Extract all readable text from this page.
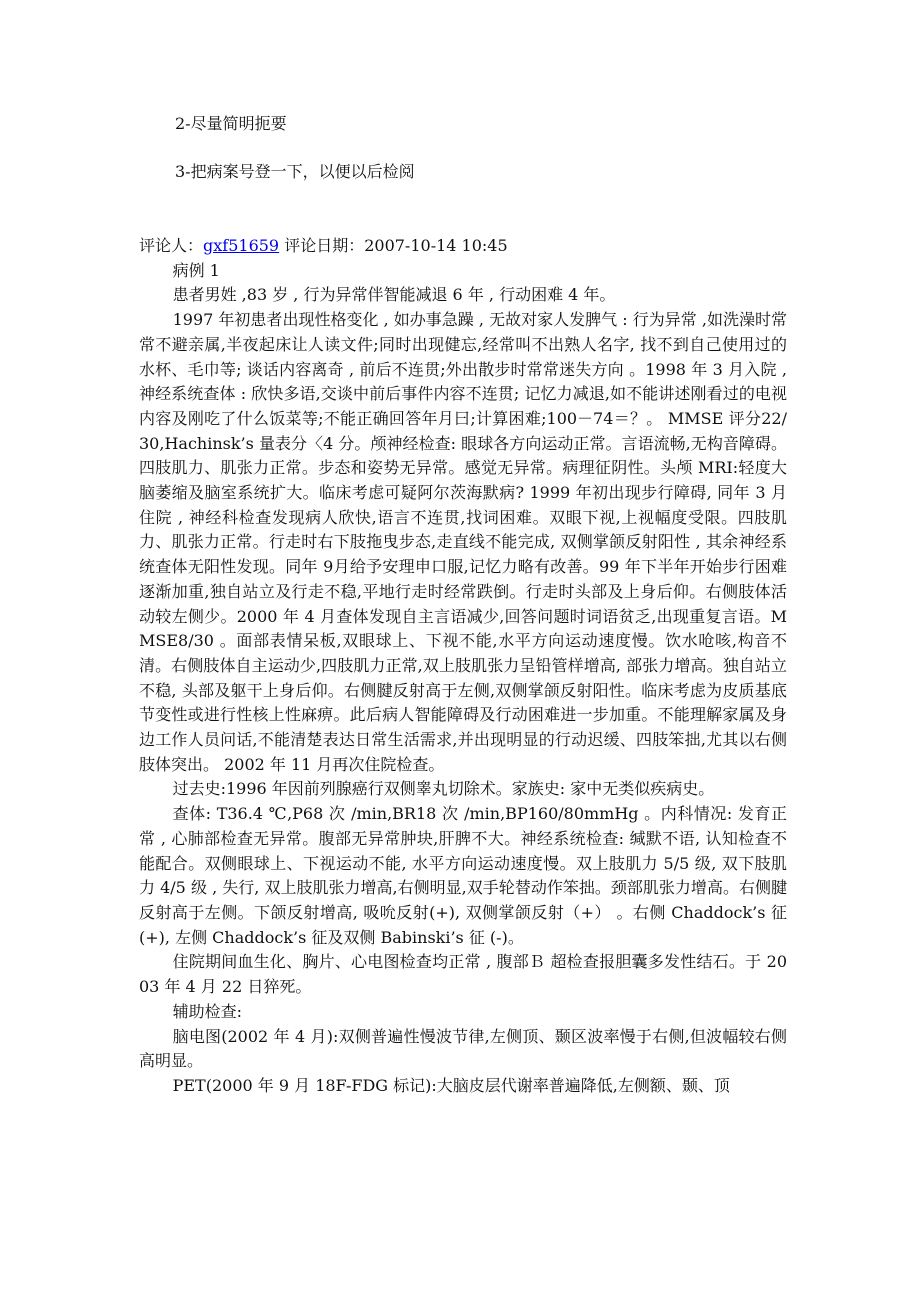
2-尽量简明扼要
3-把病案号登一下，以便以后检阅

评论人：gxf51659 评论日期：2007-10-14 10:45

病例 1

患者男姓 ,83 岁 , 行为异常伴智能减退 6 年 , 行动困难 4 年。

1997 年初患者出现性格变化 , 如办事急躁 , 无故对家人发脾气 : 行为异常 ,如洗澡时常常不避亲属,半夜起床让人读文件;同时出现健忘,经常叫不出熟人名字, 找不到自己使用过的水杯、毛巾等; 谈话内容离奇 , 前后不连贯;外出散步时常常迷失方向 。1998 年 3 月入院 , 神经系统查体 : 欣快多语,交谈中前后事件内容不连贯; 记忆力减退,如不能讲述刚看过的电视内容及刚吃了什么饭菜等;不能正确回答年月曰;计算困难;100－74＝？。 MMSE 评分22/30,Hachinsk’s 量表分〈4 分。颅神经检查: 眼球各方向运动正常。言语流畅,无构音障碍。四肢肌力、肌张力正常。步态和姿势无异常。感觉无异常。病理征阴性。头颅 MRI:轻度大脑萎缩及脑室系统扩大。临床考虑可疑阿尔茨海默病? 1999 年初出现步行障碍, 同年 3 月住院 , 神经科检查发现病人欣快,语言不连贯,找词困难。双眼下视,上视幅度受限。四肢肌力、肌张力正常。行走时右下肢拖曳步态,走直线不能完成, 双侧掌颌反射阳性 , 其余神经系统查体无阳性发现。同年 9月给予安理申口服,记忆力略有改善。99 年下半年开始步行困难逐渐加重,独自站立及行走不稳,平地行走时经常跌倒。行走时头部及上身后仰。右侧肢体活动较左侧少。2000 年 4 月查体发现自主言语减少,回答问题时词语贫乏,出现重复言语。MMSE8/30 。面部表情呆板,双眼球上、下视不能,水平方向运动速度慢。饮水呛咳,构音不清。右侧肢体自主运动少,四肢肌力正常,双上肢肌张力呈铅管样增高, 部张力增高。独自站立不稳, 头部及躯干上身后仰。右侧腱反射高于左侧,双侧掌颌反射阳性。临床考虑为皮质基底节变性或进行性核上性麻痹。此后病人智能障碍及行动困难进一步加重。不能理解家属及身边工作人员问话,不能清楚表达日常生活需求,并出现明显的行动迟缓、四肢笨拙,尤其以右侧肢体突出。 2002 年 11 月再次住院检查。

过去史:1996 年因前列腺癌行双侧睾丸切除术。家族史: 家中无类似疾病史。

查体: T36.4 ℃,P68 次 /min,BR18 次 /min,BP160/80mmHg 。内科情况: 发育正常 , 心肺部检查无异常。腹部无异常肿块,肝脾不大。神经系统检查: 缄默不语, 认知检查不能配合。双侧眼球上、下视运动不能, 水平方向运动速度慢。双上肢肌力 5/5 级, 双下肢肌力 4/5 级 , 失行, 双上肢肌张力增高,右侧明显,双手轮替动作笨拙。颈部肌张力增高。右侧腱反射高于左侧。下颌反射增高, 吸吮反射(+), 双侧掌颌反射（+） 。右侧 Chaddock’s 征 (+), 左侧 Chaddock’s 征及双侧 Babinski’s 征 (-)。

住院期间血生化、胸片、心电图检查均正常 , 腹部Ｂ 超检查报胆囊多发性结石。于 2003 年 4 月 22 日猝死。

辅助检查:

脑电图(2002 年 4 月):双侧普遍性慢波节律,左侧顶、颞区波率慢于右侧,但波幅较右侧高明显。

PET(2000 年 9 月 18F-FDG 标记):大脑皮层代谢率普遍降低,左侧额、颞、顶
